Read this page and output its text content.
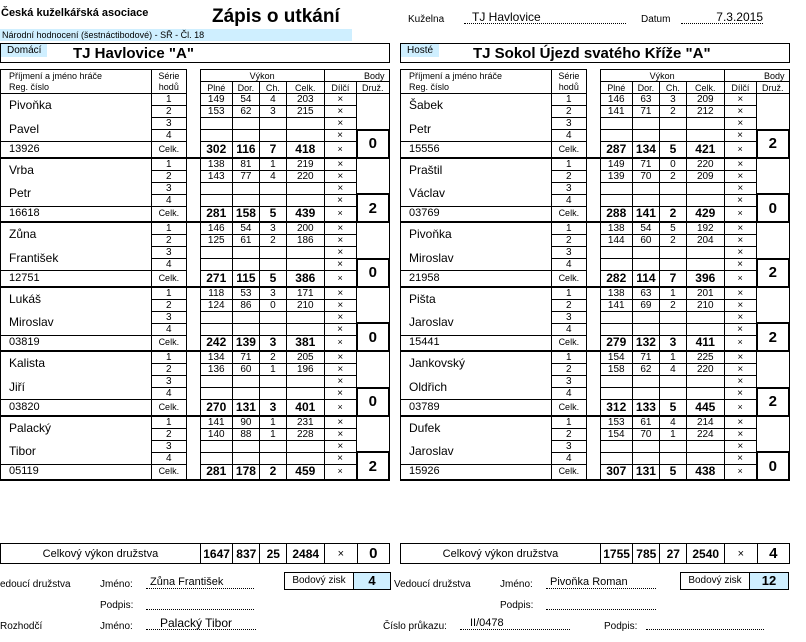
Česká kuželkářská asociace	Zápis o utkání	Kuželna	TJ Havlovice	Datum	7.3.2015
Národní hodnocení (šestnáctibodové) - SŘ - Čl. 18
Domácí	TJ Havlovice "A"	Hosté	TJ Sokol Újezd svatého Kříže "A"
Příjmení a jméno hráče	Série		Výkon				Body	
Reg. číslo	hodů		Plné	Dor.	Ch.	Celk.	Dílčí	Druž.
Pivoňka	1		149	54	4	203	×	
	2		153	62	3	215	×	
Pavel	3						×	
	4						×	0
13926	Celk.		302	116	7	418	×	
Vrba	1		138	81	1	219	×	
	2		143	77	4	220	×	
Petr	3						×	
	4						×	2
16618	Celk.		281	158	5	439	×	
Zůna	1		146	54	3	200	×	
	2		125	61	2	186	×	
František	3						×	
	4						×	0
12751	Celk.		271	115	5	386	×	
Lukáš	1		118	53	3	171	×	
	2		124	86	0	210	×	
Miroslav	3						×	
	4						×	0
03819	Celk.		242	139	3	381	×	
Kalista	1		134	71	2	205	×	
	2		136	60	1	196	×	
Jiří	3						×	
	4						×	0
03820	Celk.		270	131	3	401	×	
Palacký	1		141	90	1	231	×	
	2		140	88	1	228	×	
Tibor	3						×	
	4						×	2
05119	Celk.		281	178	2	459	×	
Příjmení a jméno hráče	Série		Výkon				Body	
Reg. číslo	hodů		Plné	Dor.	Ch.	Celk.	Dílčí	Druž.
Šabek	1		146	63	3	209	×	
	2		141	71	2	212	×	
Petr	3						×	
	4						×	2
15556	Celk.		287	134	5	421	×	
Praštil	1		149	71	0	220	×	
	2		139	70	2	209	×	
Václav	3						×	
	4						×	0
03769	Celk.		288	141	2	429	×	
Pivoňka	1		138	54	5	192	×	
	2		144	60	2	204	×	
Miroslav	3						×	
	4						×	2
21958	Celk.		282	114	7	396	×	
Pišta	1		138	63	1	201	×	
	2		141	69	2	210	×	
Jaroslav	3						×	
	4						×	2
15441	Celk.		279	132	3	411	×	
Jankovský	1		154	71	1	225	×	
	2		158	62	4	220	×	
Oldřich	3						×	
	4						×	2
03789	Celk.		312	133	5	445	×	
Dufek	1		153	61	4	214	×	
	2		154	70	1	224	×	
Jaroslav	3						×	
	4						×	0
15926	Celk.		307	131	5	438	×	
Celkový výkon družstva	1647	837	25	2484	×	0	Celkový výkon družstva	1755	785	27	2540	×	4
edoucí družstva	Jméno:	Zůna František	Bodový zisk	4
Podpis:
Vedoucí družstva	Jméno:	Pivoňka Roman	Bodový zisk	12
Podpis:
Rozhodčí	Jméno:	Palacký Tibor	Číslo průkazu:	II/0478	Podpis:
